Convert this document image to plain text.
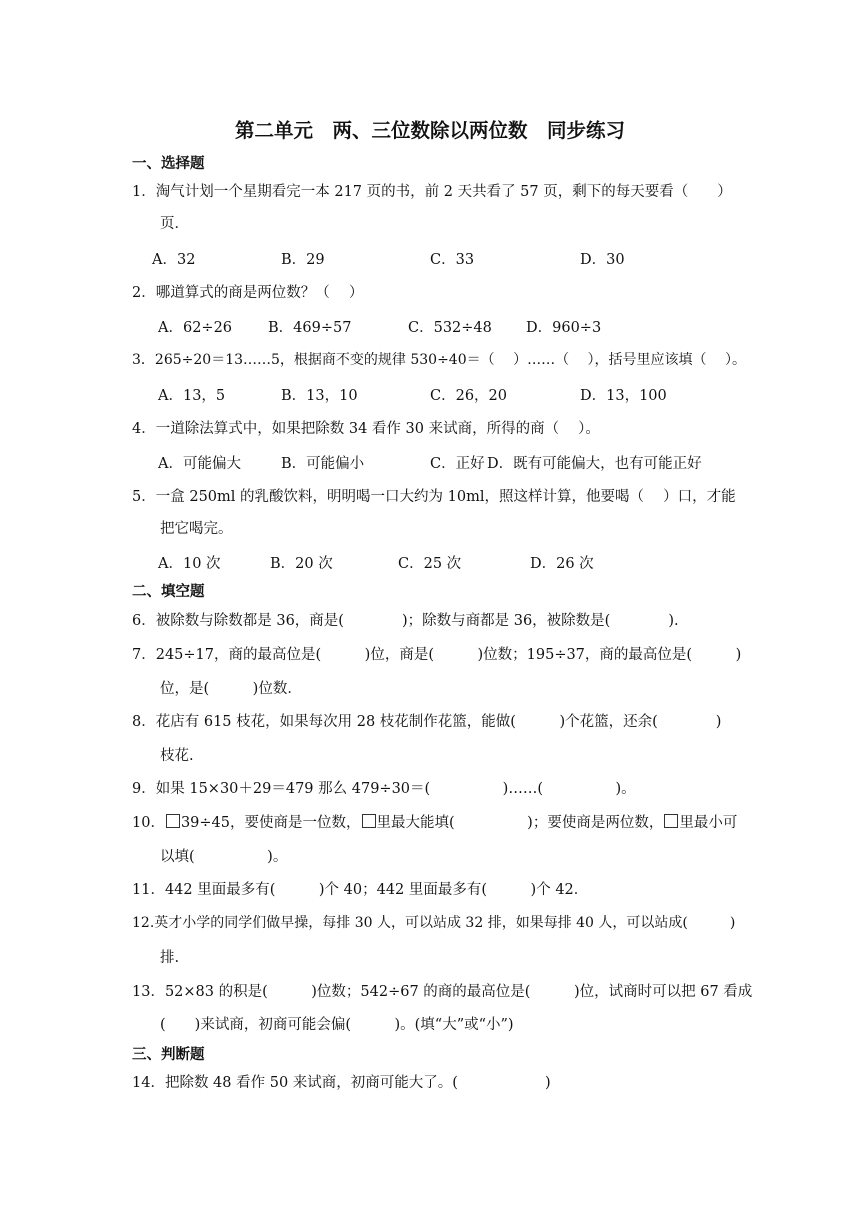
第二单元　两、三位数除以两位数　同步练习
一、选择题
1．淘气计划一个星期看完一本 217 页的书，前 2 天共看了 57 页，剩下的每天要看（　　）
页．
A．32	B．29	C．33	D．30
2．哪道算式的商是两位数？（　 ）
A．62÷26 B．469÷57	C．532÷48 D．960÷3
3．265÷20＝13……5，根据商不变的规律 530÷40＝（　 ）……（　 ），括号里应该填（　 ）。
A．13，5	B．13，10	C．26，20	D．13，100
4．一道除法算式中，如果把除数 34 看作 30 来试商，所得的商（　 ）。
A．可能偏大	B．可能偏小	C．正好 D．既有可能偏大，也有可能正好
5．一盒 250ml 的乳酸饮料，明明喝一口大约为 10ml，照这样计算，他要喝（　 ）口，才能
把它喝完。
A．10 次	B．20 次	C．25 次	D．26 次
二、填空题
6．被除数与除数都是 36，商是(　　　　)；除数与商都是 36，被除数是(　　　　).
7．245÷17，商的最高位是(　　　)位，商是(　　　)位数；195÷37，商的最高位是(　　　)
位，是(　　　)位数．
8．花店有 615 枝花，如果每次用 28 枝花制作花篮，能做(　　　)个花篮，还余(　　　　)
枝花.
9．如果 15×30＋29＝479 那么 479÷30＝(　　　　　)……(　　　　　)。
10． 39÷45，要使商是一位数， 里最大能填(　　　　　)；要使商是两位数， 里最小可
以填(　　　　　)。
11．442 里面最多有(　　　)个 40；442 里面最多有(　　　)个 42．
12.英才小学的同学们做早操，每排 30 人，可以站成 32 排，如果每排 40 人，可以站成(　　　)
排.
13．52×83 的积是(　　　)位数；542÷67 的商的最高位是(　　　)位，试商时可以把 67 看成
(　　)来试商，初商可能会偏(　　　)。(填“大”或“小”)
三、判断题
14．把除数 48 看作 50 来试商，初商可能大了。(　　　　　　)
